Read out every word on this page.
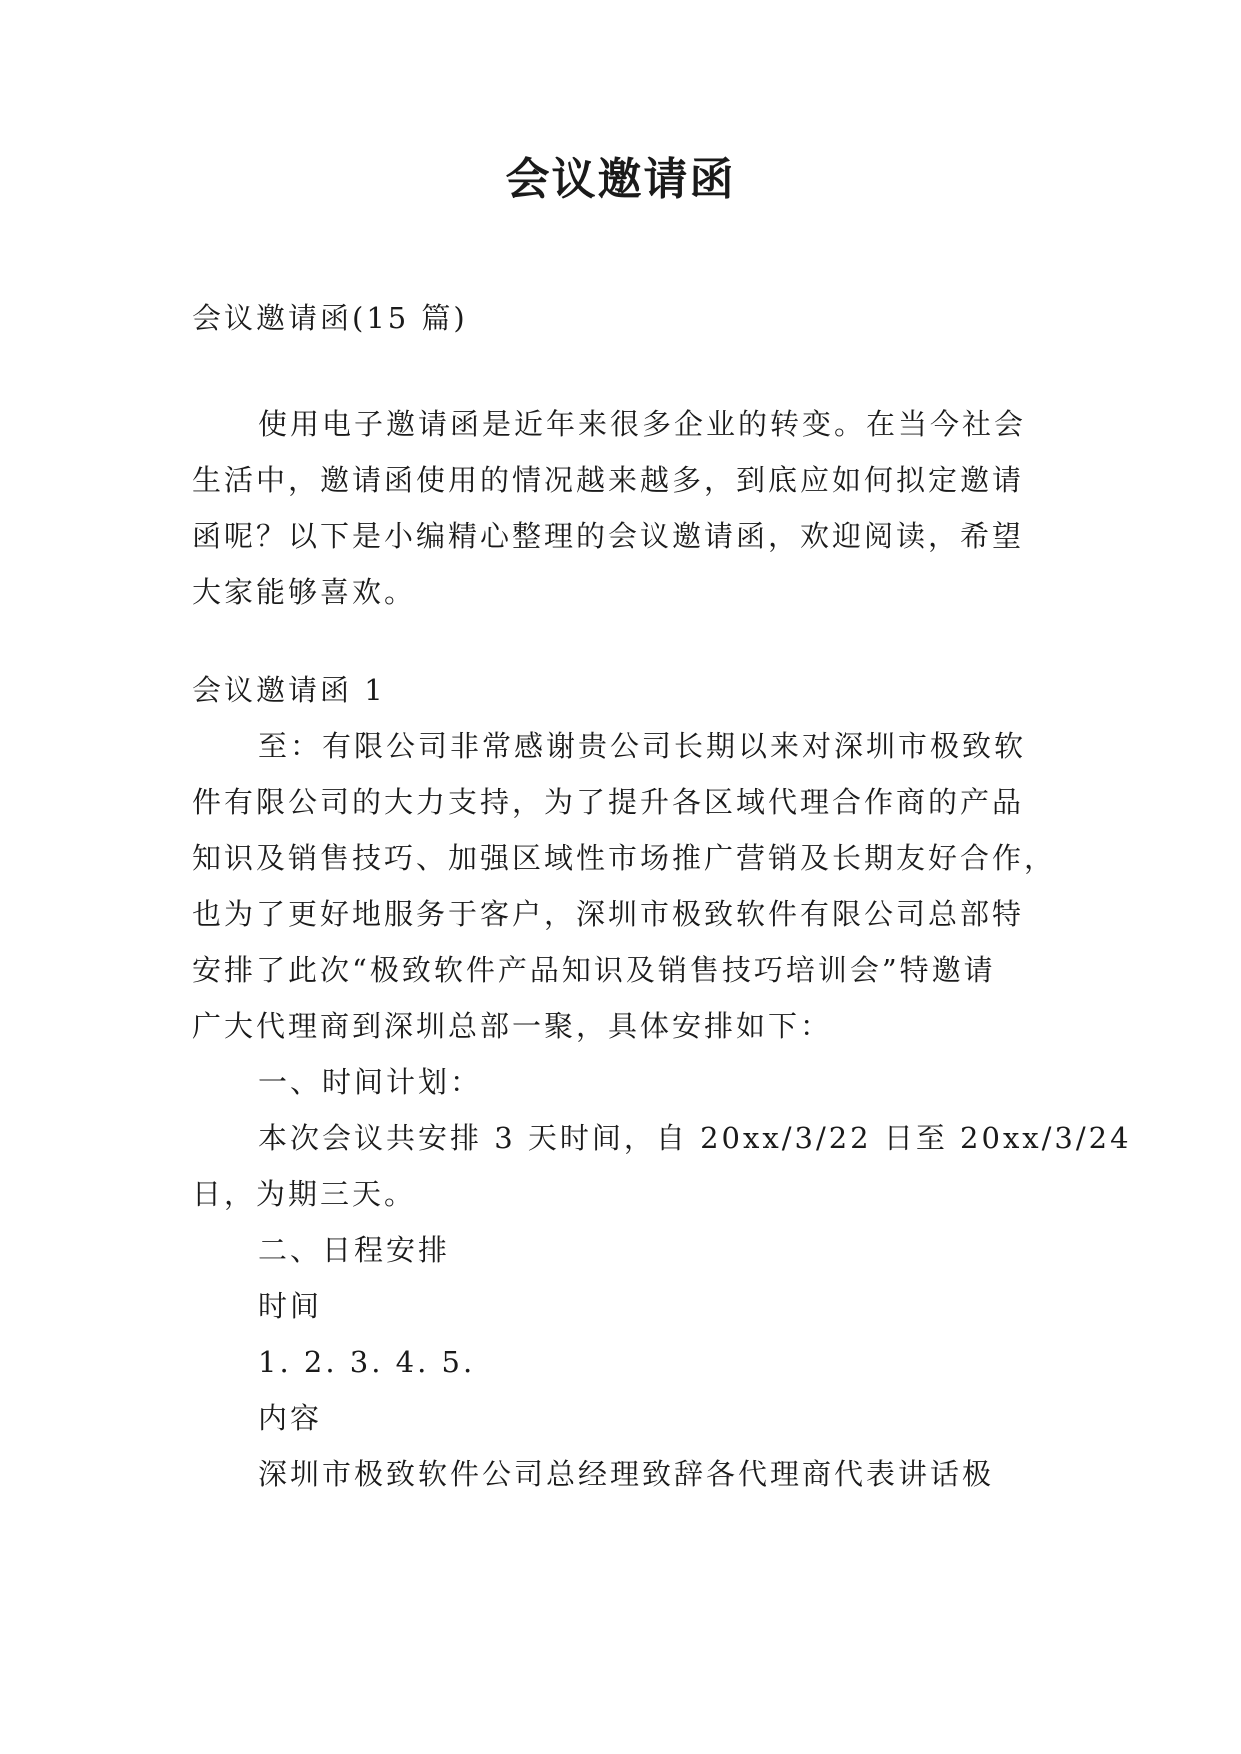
会议邀请函
会议邀请函(15 篇)
使用电子邀请函是近年来很多企业的转变。在当今社会
生活中，邀请函使用的情况越来越多，到底应如何拟定邀请
函呢？以下是小编精心整理的会议邀请函，欢迎阅读，希望
大家能够喜欢。
会议邀请函 1
至：有限公司非常感谢贵公司长期以来对深圳市极致软
件有限公司的大力支持，为了提升各区域代理合作商的产品
知识及销售技巧、加强区域性市场推广营销及长期友好合作，
也为了更好地服务于客户，深圳市极致软件有限公司总部特
安排了此次“极致软件产品知识及销售技巧培训会”特邀请
广大代理商到深圳总部一聚，具体安排如下：
一、时间计划：
本次会议共安排 3 天时间，自 20xx/3/22 日至 20xx/3/24
日，为期三天。
二、日程安排
时间
1. 2. 3. 4. 5.
内容
深圳市极致软件公司总经理致辞各代理商代表讲话极
